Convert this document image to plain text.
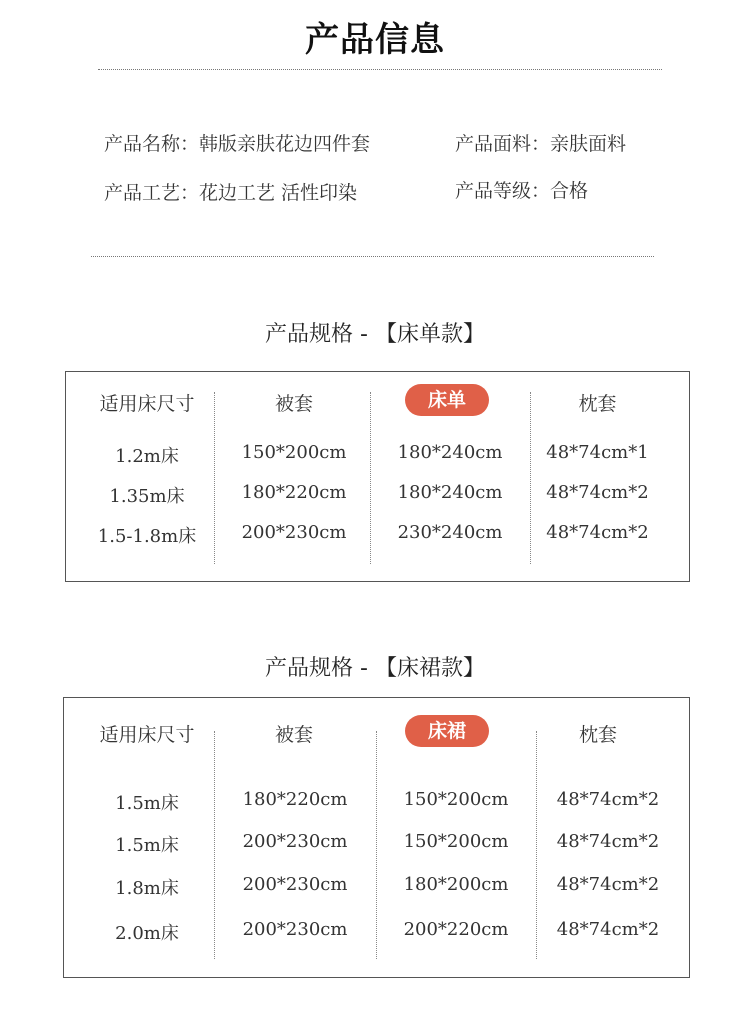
产品信息
产品名称：韩版亲肤花边四件套	产品面料：亲肤面料
产品工艺：花边工艺 活性印染	产品等级：合格
产品规格 - 【床单款】
适用床尺寸	被套	床单	枕套
1.2m床	150*200cm	180*240cm	48*74cm*1
1.35m床	180*220cm	180*240cm	48*74cm*2
1.5-1.8m床	200*230cm	230*240cm	48*74cm*2
产品规格 - 【床裙款】
适用床尺寸	被套	床裙	枕套
1.5m床	180*220cm	150*200cm	48*74cm*2
1.5m床	200*230cm	150*200cm	48*74cm*2
1.8m床	200*230cm	180*200cm	48*74cm*2
2.0m床	200*230cm	200*220cm	48*74cm*2
